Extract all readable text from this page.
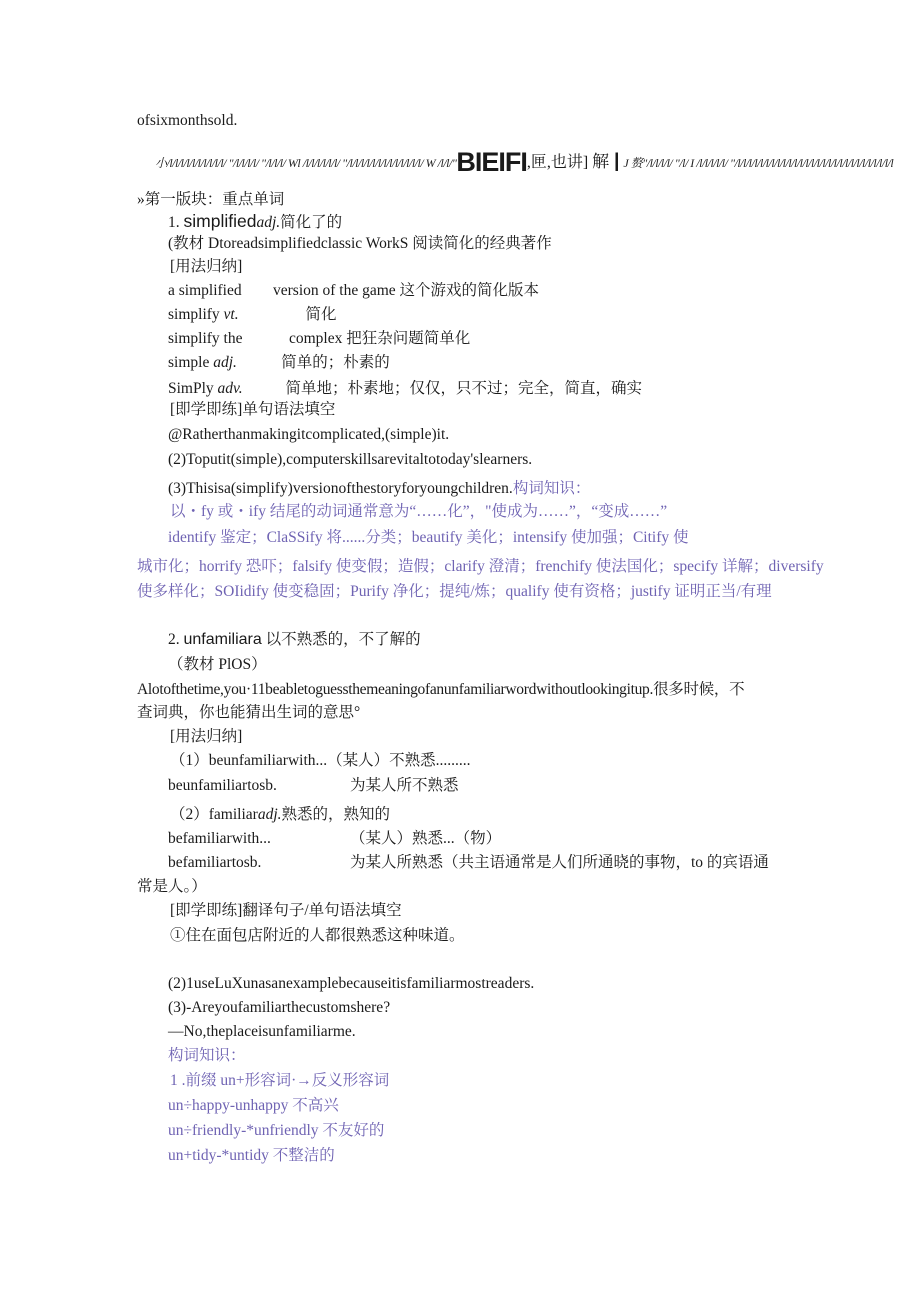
ofsixmonthsold.
小/l/l/l/l/l/l/l/l/l/l/ "/l/l/l/l/ "/l/l/l/ Wl /l/l/l/l/l/l/ "/l/l/l/l/l/l/l/l/l/l/l/l/l/ W /l/l/"BIEIFI,匣,也讲] 解 I J 赘"/l/l/l/l/ "/l/ I /l/l/l/l/l/ "/l/l/l/l/l/l/l/l/l/l/l/l/l/l/l/l/l/l/l/l/l/l/l/l/l/l/l/l
»第一版块：重点单词
1. simplifiedadj.简化了的
(教材 Dtoreadsimplifiedclassic WorkS 阅读简化的经典著作
[用法归纳]
a simplified version of the game 这个游戏的简化版本
simplify vt.	简化
simplify the	complex 把狂杂问题简单化
simple adj.	简单的；朴素的
SimPly adv.	简单地；朴素地；仅仅，只不过；完全，简直，确实
[即学即练]单句语法填空
@Ratherthanmakingitcomplicated,(simple)it.
(2)Toputit(simple),computerskillsarevitaltotoday'slearners.
(3)Thisisa(simplify)versionofthestoryforyoungchildren.构词知识：
以・fy 或・ify 结尾的动词通常意为“……化”，"使成为……”，“变成……”
identify 鉴定；ClaSSify 将......分类；beautify 美化；intensify 使加强；Citify 使
城市化；horrify 恐吓；falsify 使变假；造假；clarify 澄清；frenchify 使法国化；specify 详解；diversify
使多样化；SOIidify 使变稳固；Purify 净化；提纯/炼；qualify 使有资格；justify 证明正当/有理
2. unfamiliara 以不熟悉的，不了解的
（教材 PlOS）
Alotofthetime,you·11beabletoguessthemeaningofanunfamiliarwordwithoutlookingitup.很多时候，不
查词典，你也能猜出生词的意思°
[用法归纳]
（1）beunfamiliarwith...（某人）不熟悉.........
beunfamiliartosb.	为某人所不熟悉
（2）familiaradj.熟悉的，熟知的
befamiliarwith...	（某人）熟悉...（物）
befamiliartosb.	为某人所熟悉（共主语通常是人们所通晓的事物，to 的宾语通
常是人。）
[即学即练]翻译句子/单句语法填空
①住在面包店附近的人都很熟悉这种味道。
(2)1useLuXunasanexamplebecauseitisfamiliarmostreaders.
(3)-Areyoufamiliarthecustomshere?
—No,theplaceisunfamiliarme.
构词知识：
1 .前缀 un+形容词·→反义形容词
un÷happy-unhappy 不高兴
un÷friendly-*unfriendly 不友好的
un+tidy-*untidy 不整洁的
